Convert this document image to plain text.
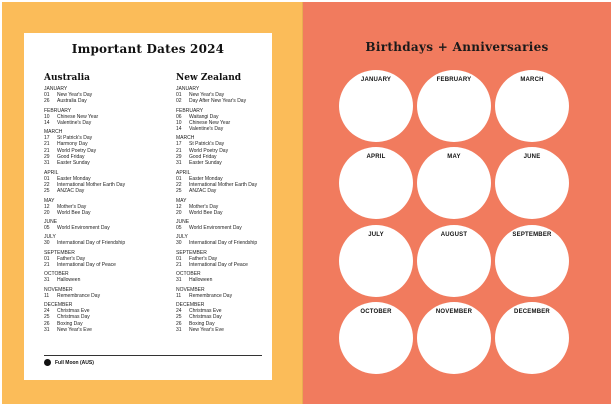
Important Dates 2024
Australia
JANUARY
01	New Year's Day
26	Australia Day
FEBRUARY
10	Chinese New Year
14	Valentine's Day
MARCH
17	St Patrick's Day
21	Harmony Day
21	World Poetry Day
29	Good Friday
31	Easter Sunday
APRIL
01	Easter Monday
22	International Mother Earth Day
25	ANZAC Day
MAY
12	Mother's Day
20	World Bee Day
JUNE
05	World Environment Day
JULY
30	International Day of Friendship
SEPTEMBER
01	Father's Day
21	International Day of Peace
OCTOBER
31	Halloween
NOVEMBER
11	Remembrance Day
DECEMBER
24	Christmas Eve
25	Christmas Day
26	Boxing Day
31	New Year's Eve
New Zealand
JANUARY
01	New Year's Day
02	Day After New Year's Day
FEBRUARY
06	Waitangi Day
10	Chinese New Year
14	Valentine's Day
MARCH
17	St Patrick's Day
21	World Poetry Day
29	Good Friday
31	Easter Sunday
APRIL
01	Easter Monday
22	International Mother Earth Day
25	ANZAC Day
MAY
12	Mother's Day
20	World Bee Day
JUNE
05	World Environment Day
JULY
30	International Day of Friendship
SEPTEMBER
01	Father's Day
21	International Day of Peace
OCTOBER
31	Halloween
NOVEMBER
11	Remembrance Day
DECEMBER
24	Christmas Eve
25	Christmas Day
26	Boxing Day
31	New Year's Eve
Full Moon (AUS)
Birthdays + Anniversaries
JANUARY	FEBRUARY	MARCH
APRIL	MAY	JUNE
JULY	AUGUST	SEPTEMBER
OCTOBER	NOVEMBER	DECEMBER
